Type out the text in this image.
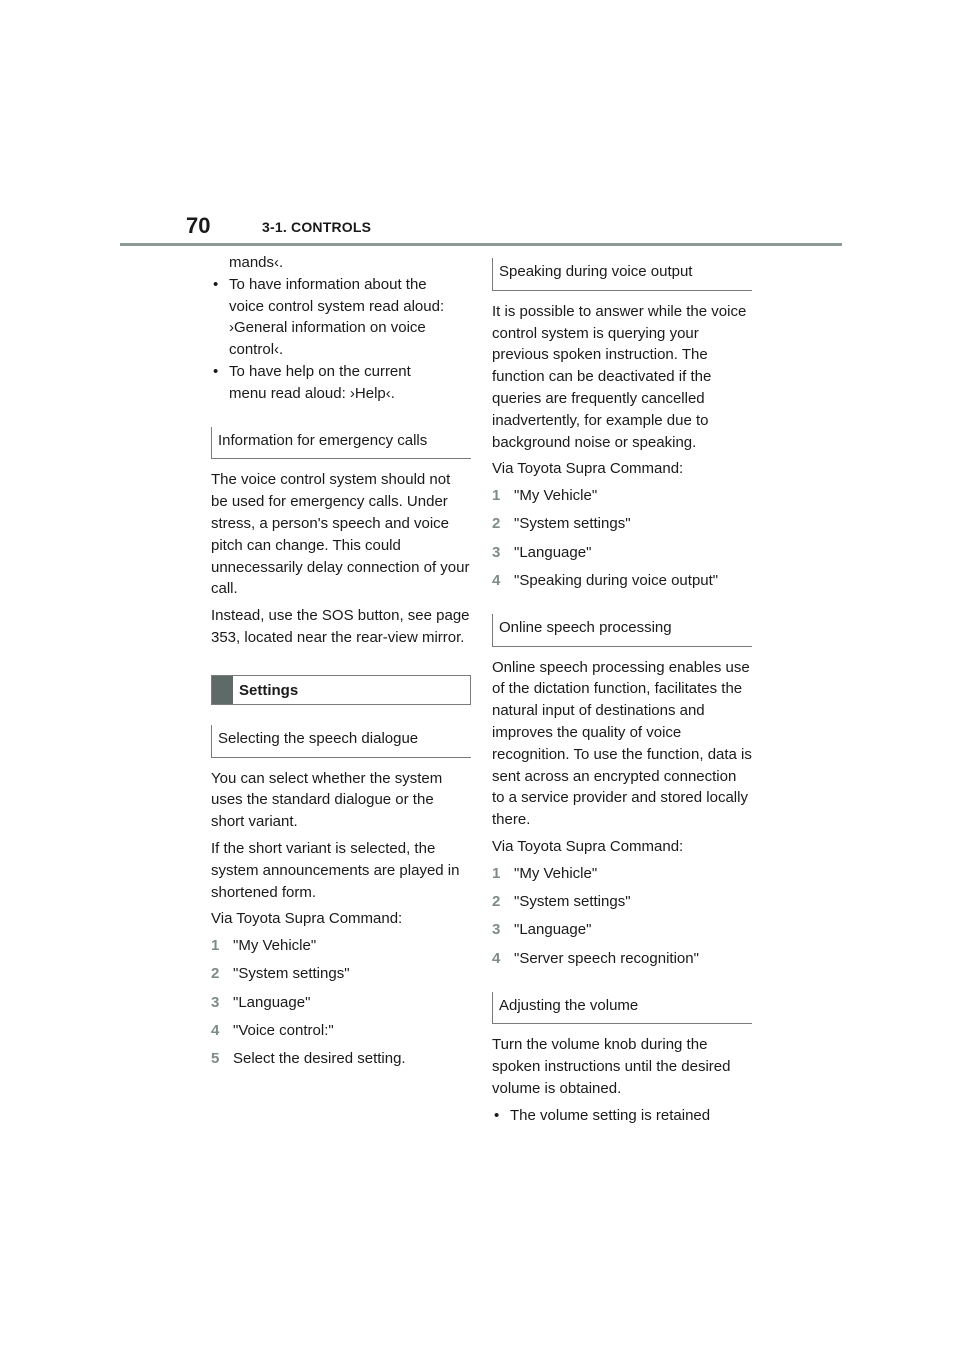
70	3-1. CONTROLS
mands‹.
• To have information about the
voice control system read aloud:
›General information on voice
control‹.
• To have help on the current
menu read aloud: ›Help‹.
Information for emergency calls

The voice control system should not be used for emergency calls. Under stress, a person's speech and voice pitch can change. This could unnecessarily delay connection of your call.

Instead, use the SOS button, see page 353, located near the rear-view mirror.

Settings
Selecting the speech dialogue

You can select whether the system uses the standard dialogue or the short variant.

If the short variant is selected, the system announcements are played in shortened form.

Via Toyota Supra Command:

1 "My Vehicle"
2 "System settings"
3 "Language"
4 "Voice control:"
5 Select the desired setting.
Speaking during voice output

It is possible to answer while the voice control system is querying your previous spoken instruction. The function can be deactivated if the queries are frequently cancelled inadvertently, for example due to background noise or speaking.

Via Toyota Supra Command:

1 "My Vehicle"
2 "System settings"
3 "Language"
4 "Speaking during voice output"
Online speech processing

Online speech processing enables use of the dictation function, facilitates the natural input of destinations and improves the quality of voice recognition. To use the function, data is sent across an encrypted connection to a service provider and stored locally there.

Via Toyota Supra Command:

1 "My Vehicle"
2 "System settings"
3 "Language"
4 "Server speech recognition"
Adjusting the volume

Turn the volume knob during the spoken instructions until the desired volume is obtained.

• The volume setting is retained
